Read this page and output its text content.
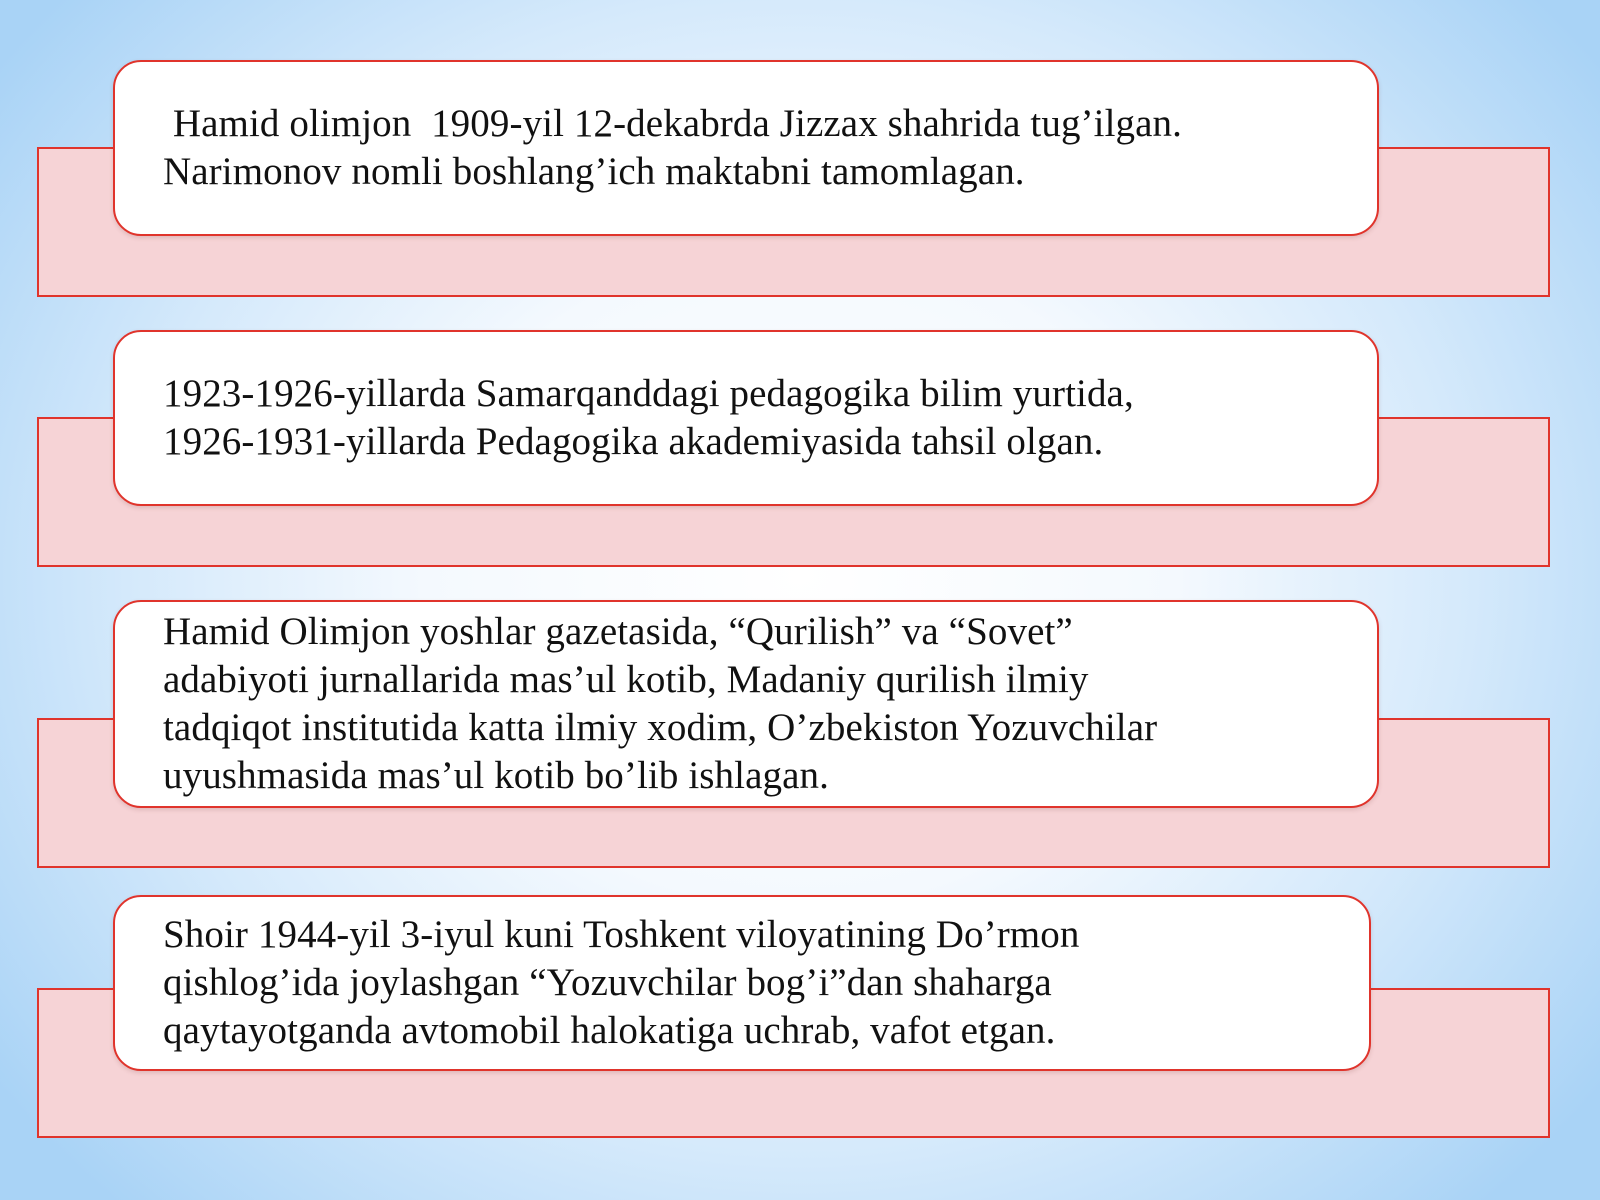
Hamid olimjon  1909-yil 12-dekabrda Jizzax shahrida tug’ilgan.
Narimonov nomli boshlang’ich maktabni tamomlagan.
1923-1926-yillarda Samarqanddagi pedagogika bilim yurtida,
1926-1931-yillarda Pedagogika akademiyasida tahsil olgan.
Hamid Olimjon yoshlar gazetasida, “Qurilish” va “Sovet”
adabiyoti jurnallarida mas’ul kotib, Madaniy qurilish ilmiy
tadqiqot institutida katta ilmiy xodim, O’zbekiston Yozuvchilar
uyushmasida mas’ul kotib bo’lib ishlagan.
Shoir 1944-yil 3-iyul kuni Toshkent viloyatining Do’rmon
qishlog’ida joylashgan “Yozuvchilar bog’i”dan shaharga
qaytayotganda avtomobil halokatiga uchrab, vafot etgan.
